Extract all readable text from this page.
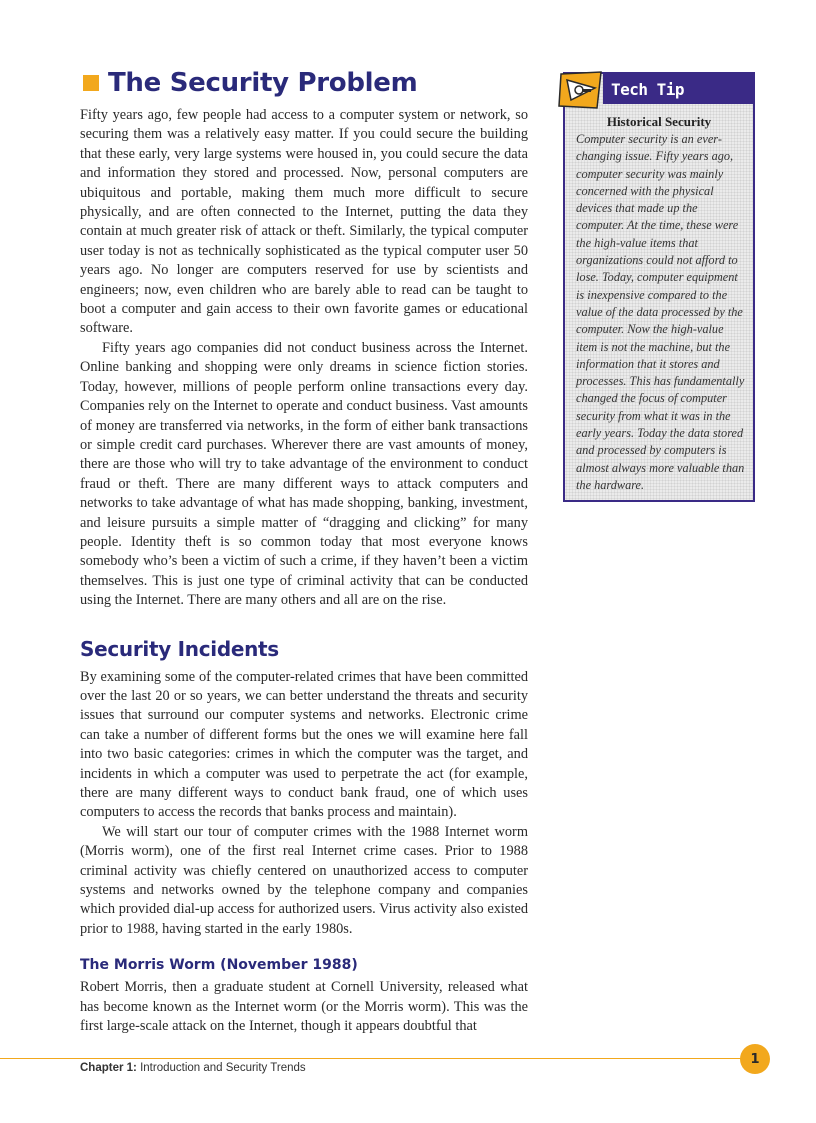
The Security Problem

Fifty years ago, few people had access to a computer system or network, so securing them was a relatively easy matter. If you could secure the building that these early, very large systems were housed in, you could secure the data and information they stored and processed. Now, personal computers are ubiquitous and portable, making them much more difficult to secure physically, and are often connected to the Internet, putting the data they contain at much greater risk of attack or theft. Similarly, the typical computer user today is not as technically sophisticated as the typical computer user 50 years ago. No longer are computers reserved for use by scientists and engineers; now, even children who are barely able to read can be taught to boot a computer and gain access to their own favorite games or educational software.

Fifty years ago companies did not conduct business across the Internet. Online banking and shopping were only dreams in science fiction stories. Today, however, millions of people perform online transactions every day. Companies rely on the Internet to operate and conduct business. Vast amounts of money are transferred via networks, in the form of either bank transactions or simple credit card purchases. Wherever there are vast amounts of money, there are those who will try to take advantage of the environment to conduct fraud or theft. There are many different ways to attack computers and networks to take advantage of what has made shopping, banking, investment, and leisure pursuits a simple matter of “dragging and clicking” for many people. Identity theft is so common today that most everyone knows somebody who’s been a victim of such a crime, if they haven’t been a victim themselves. This is just one type of criminal activity that can be conducted using the Internet. There are many others and all are on the rise.

Security Incidents

By examining some of the computer-related crimes that have been committed over the last 20 or so years, we can better understand the threats and security issues that surround our computer systems and networks. Electronic crime can take a number of different forms but the ones we will examine here fall into two basic categories: crimes in which the computer was the target, and incidents in which a computer was used to perpetrate the act (for example, there are many different ways to conduct bank fraud, one of which uses computers to access the records that banks process and maintain).

We will start our tour of computer crimes with the 1988 Internet worm (Morris worm), one of the first real Internet crime cases. Prior to 1988 criminal activity was chiefly centered on unauthorized access to computer systems and networks owned by the telephone company and companies which provided dial-up access for authorized users. Virus activity also existed prior to 1988, having started in the early 1980s.

The Morris Worm (November 1988)

Robert Morris, then a graduate student at Cornell University, released what has become known as the Internet worm (or the Morris worm). This was the first large-scale attack on the Internet, though it appears doubtful that

Tech Tip
Historical Security
Computer security is an ever-changing issue. Fifty years ago, computer security was mainly concerned with the physical devices that made up the computer. At the time, these were the high-value items that organizations could not afford to lose. Today, computer equipment is inexpensive compared to the value of the data processed by the computer. Now the high-value item is not the machine, but the information that it stores and processes. This has fundamentally changed the focus of computer security from what it was in the early years. Today the data stored and processed by computers is almost always more valuable than the hardware.
1
Chapter 1: Introduction and Security Trends
